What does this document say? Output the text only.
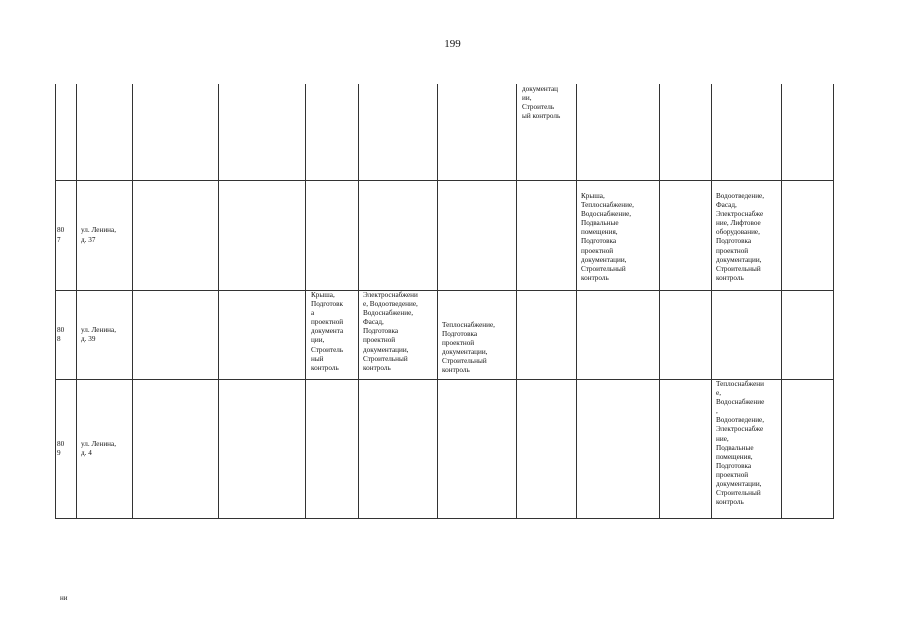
199
документац
ии,
Строитель
ый контроль
80
7
ул. Ленина,
д. 37
Крыша,
Теплоснабжение,
Водоснабжение,
Подвальные
помещения,
Подготовка
проектной
документации,
Строительный
контроль
Водоотведение,
Фасад,
Электроснабже
ние, Лифтовое
оборудование,
Подготовка
проектной
документации,
Строительный
контроль
80
8
ул. Ленина,
д. 39
Крыша,
Подготовк
а
проектной
документа
ции,
Строитель
ный
контроль
Электроснабжени
е, Водоотведение,
Водоснабжение,
Фасад,
Подготовка
проектной
документации,
Строительный
контроль
Теплоснабжение,
Подготовка
проектной
документации,
Строительный
контроль
80
9
ул. Ленина,
д. 4
Теплоснабжени
е,
Водоснабжение
,
Водоотведение,
Электроснабже
ние,
Подвальные
помещения,
Подготовка
проектной
документации,
Строительный
контроль
ни
